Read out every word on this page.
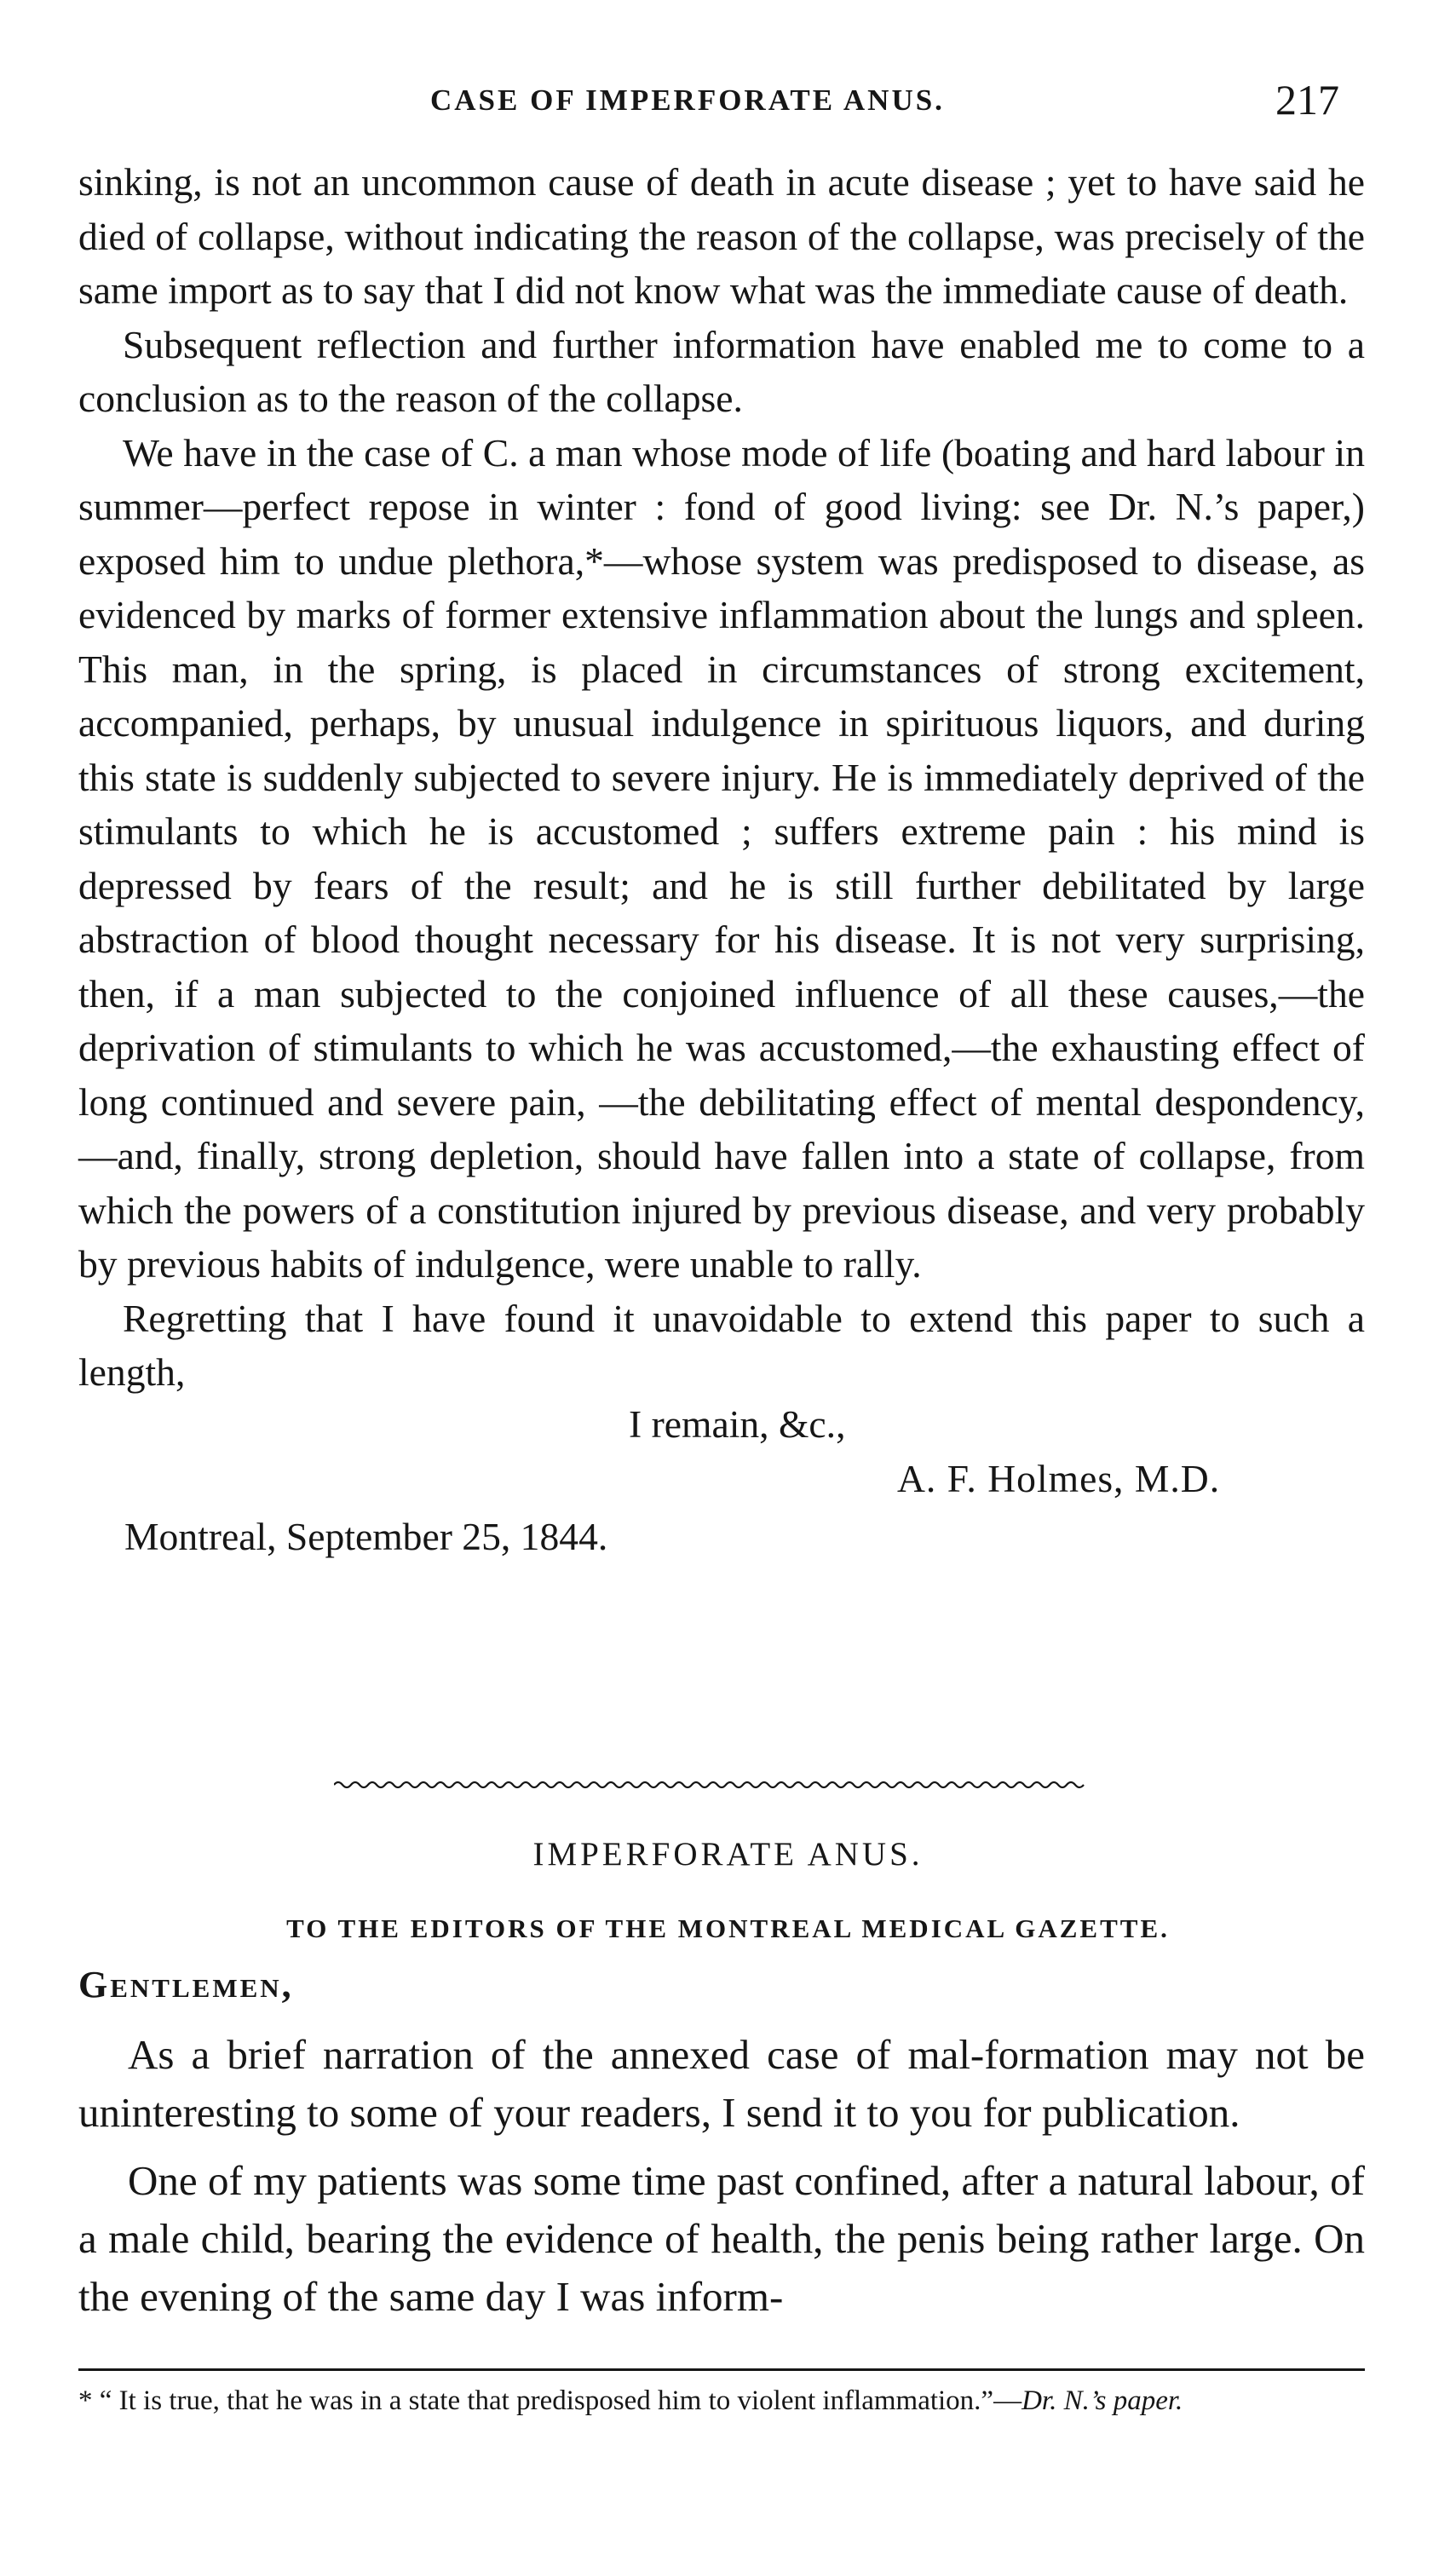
CASE OF IMPERFORATE ANUS.	217

sinking, is not an uncommon cause of death in acute disease ; yet to have said he died of collapse, without indicating the reason of the collapse, was precisely of the same import as to say that I did not know what was the immediate cause of death.

Subsequent reflection and further information have enabled me to come to a conclusion as to the reason of the collapse.

We have in the case of C. a man whose mode of life (boating and hard labour in summer—perfect repose in winter : fond of good living: see Dr. N.’s paper,) exposed him to undue plethora,*—whose system was predisposed to disease, as evidenced by marks of former extensive inflammation about the lungs and spleen. This man, in the spring, is placed in circumstances of strong excitement, accompanied, perhaps, by unusual indulgence in spirituous liquors, and during this state is suddenly subjected to severe injury. He is immediately deprived of the stimulants to which he is accustomed ; suffers extreme pain : his mind is depressed by fears of the result; and he is still further debilitated by large abstraction of blood thought necessary for his disease. It is not very surprising, then, if a man subjected to the conjoined influence of all these causes,—the deprivation of stimulants to which he was accustomed,—the exhausting effect of long continued and severe pain, —the debilitating effect of mental despondency,—and, finally, strong depletion, should have fallen into a state of collapse, from which the powers of a constitution injured by previous disease, and very probably by previous habits of indulgence, were unable to rally.

Regretting that I have found it unavoidable to extend this paper to such a length,

I remain, &c.,
A. F. Holmes, M.D.
Montreal, September 25, 1844.
IMPERFORATE ANUS.
TO THE EDITORS OF THE MONTREAL MEDICAL GAZETTE.
Gentlemen,

As a brief narration of the annexed case of mal-formation may not be uninteresting to some of your readers, I send it to you for publication.

One of my patients was some time past confined, after a natural labour, of a male child, bearing the evidence of health, the penis being rather large. On the evening of the same day I was inform-

* “ It is true, that he was in a state that predisposed him to violent inflammation.”—Dr. N.’s paper.
